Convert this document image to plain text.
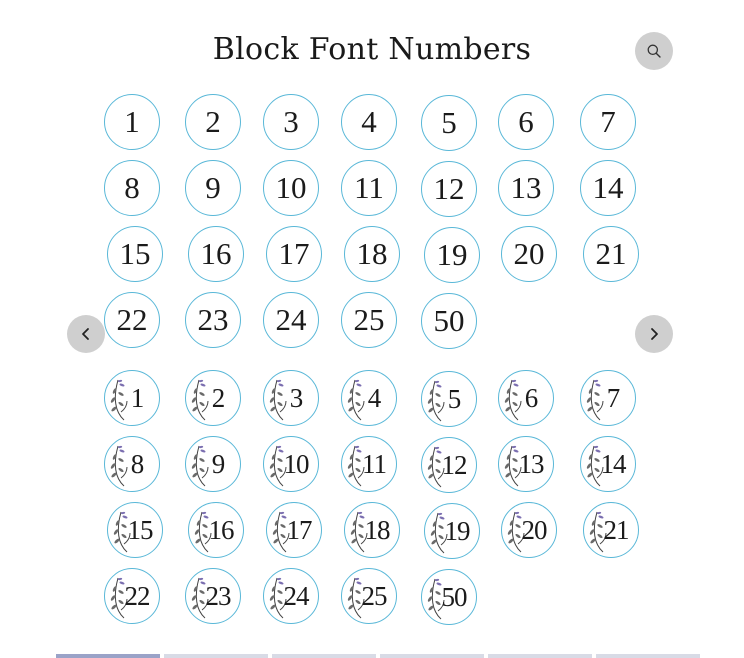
Block Font Numbers
1 2 3 4 5 6 7
8 9 10 11 12 13 14
15 16 17 18 19 20 21
22 23 24 25 50
1	2 3 4	5 6	7
8	9 10 11 12 13 14
15 16 17 18 19 20 21
22 23 24 25 50
